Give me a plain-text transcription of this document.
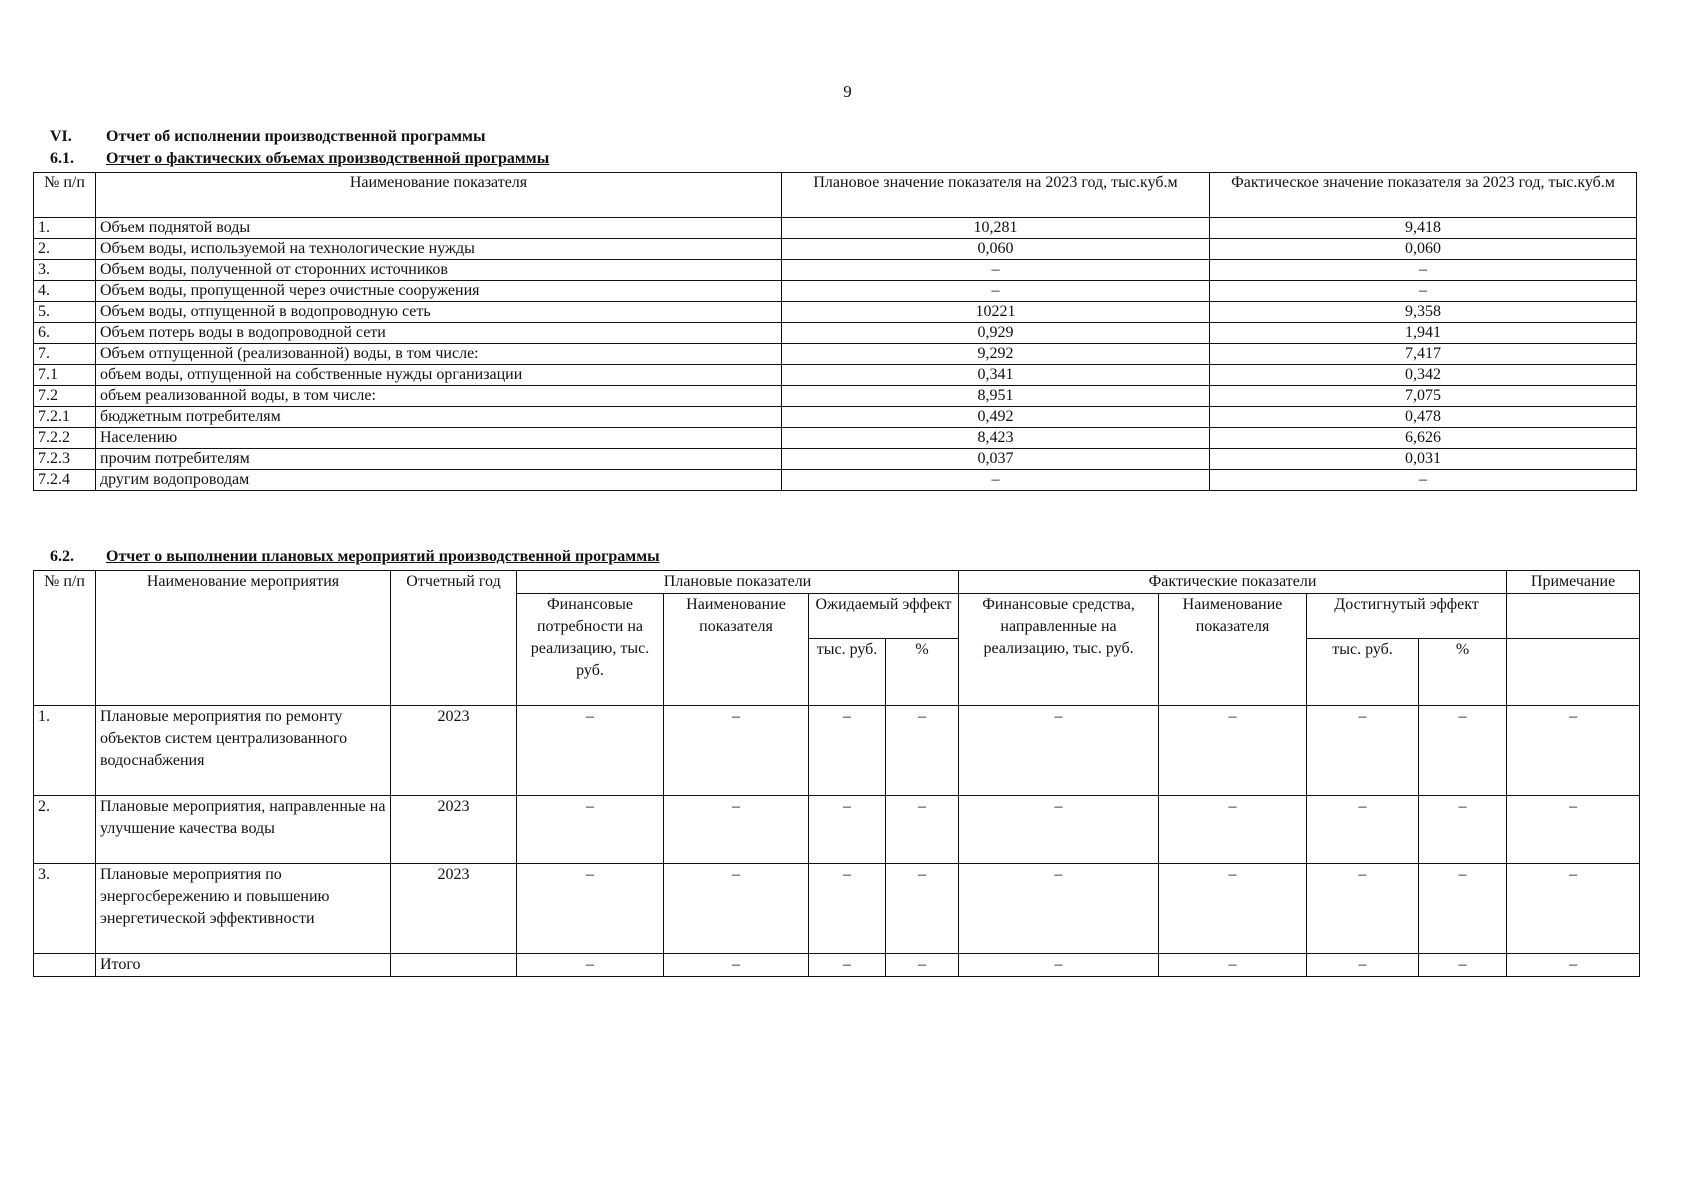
9
VI. Отчет об исполнении производственной программы
6.1. Отчет о фактических объемах производственной программы
№ п/п	Наименование показателя	Плановое значение показателя на 2023 год, тыс.куб.м	Фактическое значение показателя за 2023 год, тыс.куб.м
1.	Объем поднятой воды	10,281	9,418
2.	Объем воды, используемой на технологические нужды	0,060	0,060
3.	Объем воды, полученной от сторонних источников	–	–
4.	Объем воды, пропущенной через очистные сооружения	–	–
5.	Объем воды, отпущенной в водопроводную сеть	10221	9,358
6.	Объем потерь воды в водопроводной сети	0,929	1,941
7.	Объем отпущенной (реализованной) воды, в том числе:	9,292	7,417
7.1	объем воды, отпущенной на собственные нужды организации	0,341	0,342
7.2	объем реализованной воды, в том числе:	8,951	7,075
7.2.1	бюджетным потребителям	0,492	0,478
7.2.2	Населению	8,423	6,626
7.2.3	прочим потребителям	0,037	0,031
7.2.4	другим водопроводам	–	–
6.2. Отчет о выполнении плановых мероприятий производственной программы
№ п/п	Наименование мероприятия	Отчетный год	Плановые показатели				Фактические показатели				Примечание
			Финансовые потребности на реализацию, тыс. руб.	Наименование показателя	Ожидаемый эффект		Финансовые средства, направленные на реализацию, тыс. руб.	Наименование показателя	Достигнутый эффект		
					тыс. руб.	%			тыс. руб.	%	
1.	Плановые мероприятия по ремонту объектов систем централизованного водоснабжения	2023	–	–	–	–	–	–	–	–	–
2.	Плановые мероприятия, направленные на улучшение качества воды	2023	–	–	–	–	–	–	–	–	–
3.	Плановые мероприятия по энергосбережению и повышению энергетической эффективности	2023	–	–	–	–	–	–	–	–	–
	Итого		–	–	–	–	–	–	–	–	–
